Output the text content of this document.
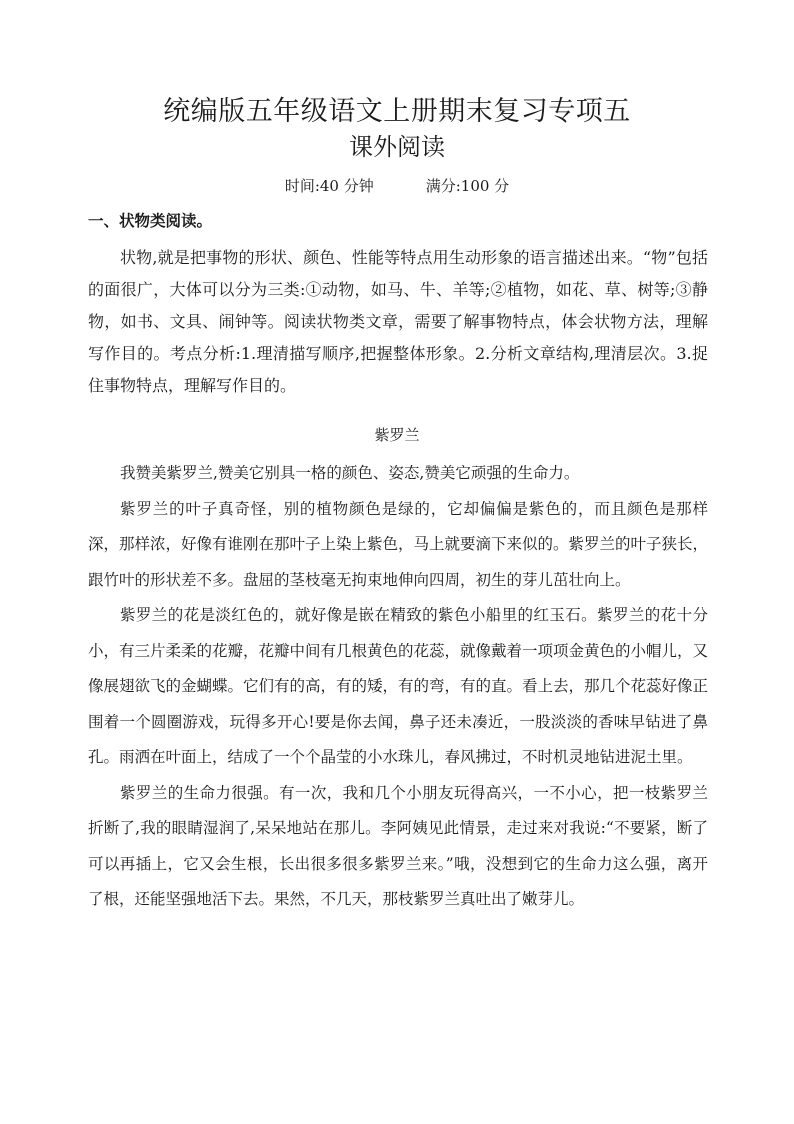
统编版五年级语文上册期末复习专项五
课外阅读
时间:40 分钟	满分:100 分
一、状物类阅读。

状物,就是把事物的形状、颜色、性能等特点用生动形象的语言描述出来。“物”包括的面很广，大体可以分为三类:①动物，如马、牛、羊等;②植物，如花、草、树等;③静物，如书、文具、闹钟等。阅读状物类文章，需要了解事物特点，体会状物方法，理解写作目的。考点分析:1.理清描写顺序,把握整体形象。2.分析文章结构,理清层次。3.捉住事物特点，理解写作目的。

紫罗兰

我赞美紫罗兰,赞美它别具一格的颜色、姿态,赞美它顽强的生命力。

紫罗兰的叶子真奇怪，别的植物颜色是绿的，它却偏偏是紫色的，而且颜色是那样深，那样浓，好像有谁刚在那叶子上染上紫色，马上就要滴下来似的。紫罗兰的叶子狭长，跟竹叶的形状差不多。盘屈的茎枝毫无拘束地伸向四周，初生的芽儿茁壮向上。

紫罗兰的花是淡红色的，就好像是嵌在精致的紫色小船里的红玉石。紫罗兰的花十分小，有三片柔柔的花瓣，花瓣中间有几根黄色的花蕊，就像戴着一项项金黄色的小帽儿，又像展翅欲飞的金蝴蝶。它们有的高，有的矮，有的弯，有的直。看上去，那几个花蕊好像正围着一个圆圈游戏，玩得多开心!要是你去闻，鼻子还未凑近，一股淡淡的香味早钻进了鼻孔。雨洒在叶面上，结成了一个个晶莹的小水珠儿，春风拂过，不时机灵地钻进泥土里。

紫罗兰的生命力很强。有一次，我和几个小朋友玩得高兴，一不小心，把一枝紫罗兰折断了,我的眼睛湿润了,呆呆地站在那儿。李阿姨见此情景，走过来对我说:“不要紧，断了可以再插上，它又会生根，长出很多很多紫罗兰来。”哦，没想到它的生命力这么强，离开了根，还能坚强地活下去。果然，不几天，那枝紫罗兰真吐出了嫩芽儿。
